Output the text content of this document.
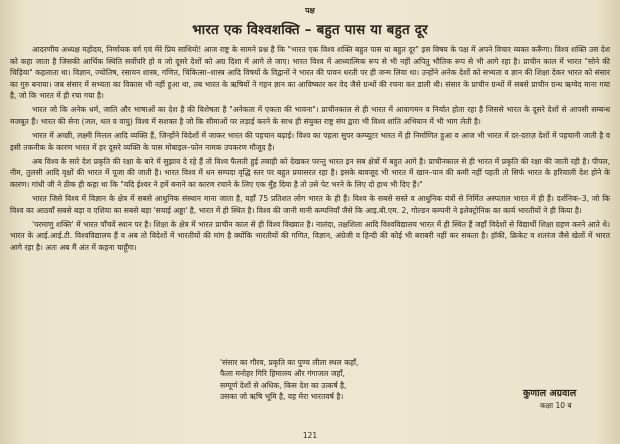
पक्ष
भारत एक विश्वशक्ति – बहुत पास या बहुत दूर

आदरणीय अध्यक्ष महोदय, निर्णायक वर्ग एवं मेरे प्रिय साथियो! आज राष्ट्र के सामने प्रश्न है कि "भारत एक विश्व शक्ति बहुत पास या बहुत दूर" इस विषय के पक्ष में अपने विचार व्यक्त करूँगा। विश्व शक्ति उस देश को कहा जाता है जिसकी आर्थिक स्थिति सर्वोपरि हो व जो दूसरे देशों को अग्र दिशा में आगे ले जाए। भारत विश्व में आध्यात्मिक रूप से भी नहीं अपितु भौतिक रूप से भी आगे रहा है। प्राचीन काल में भारत "सोने की चिड़िया" कहलाता था। विज्ञान, ज्योतिष, रसायन शास्त्र, गणित, चिकित्सा–शास्त्र आदि विषयों के विद्वानों ने भारत की पावन धरती पर ही जन्म लिया था। उन्होंने अनेक देशों को सभ्यता व ज्ञान की शिक्षा देकर भारत को संसार का गुरु बनाया। जब संसार में सभ्यता का विकास भी नहीं हुआ था, तब भारत के ऋषियों ने गहन ज्ञान का आविष्कार कर वेद जैसे ग्रन्थों की रचना कर डाली थी। संसार के प्राचीन ग्रन्थों में सबसे प्राचीन ग्रन्थ ऋग्वेद माना गया है, जो कि भारत में ही रचा गया है।

भारत जो कि अनेक धर्म, जाति और भाषाओं का देश है की विशेषता है "अनेकता में एकता की भावना"। प्राचीनकाल से ही भारत में आवागमन व निर्यात होता रहा है जिससे भारत के दूसरे देशों से आपसी सम्बन्ध मजबूत हैं। भारत की सेना (जल, थल व वायु) विश्व में सशक्त है जो कि सीमाओं पर लड़ाई करने के साथ ही संयुक्त राष्ट्र संघ द्वारा भी विश्व शांति अभियान में भी भाग लेती है।

भारत में अच्छी, लक्ष्मी मित्तल आदि व्यक्ति हैं, जिन्होंने विदेशों में जाकर भारत की पहचान बढ़ाई। विश्व का पहला सुपर कम्प्यूटर भारत में ही निर्माणित हुआ व आज भी भारत में दर-दराज़ देशों में पहचानी जाती है व इसी तकनीक के कारण भारत में हर दूसरे व्यक्ति के पास मोबाइल–फोन नामक उपकरण मौजूद है।

अब विश्व के सारे देश प्रकृति की रक्षा के बारे में सुझाव दे रहे हैं तो विश्व फैलती हुई तबाही को देखकर परन्तु भारत इन सब क्षेत्रों में बहुत आगे है। प्राचीनकाल से ही भारत में प्रकृति की रक्षा की जाती रही है। पीपल, नीम, तुलसी आदि वृक्षों की भारत में पूजा की जाती है। भारत विश्व में धन सम्पदा वृद्धि स्तर पर बहुत प्रयासरत रहा है। इसके बावजूद भी भारत में खान–पान की कमी नहीं पहती तो सिर्फ भारत के हरियाली देश होने के कारण। गांधी जी ने ठीक ही कहा था कि "यदि ईश्वर ने हमें बनाने का कारण रचाने के लिए एक मुँह दिया है तो उसे पेट भरने के लिए दो हाथ भी दिए हैं।"

भारत जिसे विश्व में विज्ञान के क्षेत्र में सबसे आधुनिक संस्थान माना जाता है, यहाँ 75 प्रतिशत लोग भारत के ही हैं। विश्व के सबसे सस्ते व आधुनिक यंत्रों से निर्मित अस्पताल भारत में ही हैं। दर्शनिक–3, जो कि विश्व का आठवाँ सबसे बड़ा व एशिया का सबसे बड़ा 'सयाई अड्डा' है, भारत में ही स्थित है। विश्व की जानी मानी कम्पनियाँ जैसे कि आइ.बी.एम. 2, गोल्डन कम्पनी ने इलेक्ट्रोनिक का कार्य भारतीयों ने ही किया है।

'परमाणु शक्ति' में भारत पाँचवें स्थान पर है। शिक्षा के क्षेत्र में भारत प्राचीन काल से ही विश्व विख्यात है। नालंदा, तक्षशिला आदि विश्वविद्यालय भारत में ही स्थित हैं जहाँ विदेशों से विद्यार्थी शिक्षा ग्रहण करने आते थे। भारत के आई.आई.टी. विश्वविद्यालय हैं व अब तो विदेशों में भारतीयों की मांग है क्योंकि भारतीयों की गणित, विज्ञान, अंग्रेजी व हिन्दी की कोई भी बराबरी नहीं कर सकता है। हॉकी, क्रिकेट व शतरंज जैसे खेलों में भारत आगे रहा है। अतः अब मैं अंत में कहना चाहूँगा।

'संसार का गौरव, प्रकृति का पुण्य लीला स्थल कहाँ,
फैला मनोहर गिरि हिमालय और गंगाजल जहाँ,
सम्पूर्ण देशों से अधिक, किस देश का उत्कर्ष है,
उसका जो ऋषि भूमि है, वह मेरा भारतवर्ष है।	कुणाल अग्रवाल
कक्षा 10 ब
121
